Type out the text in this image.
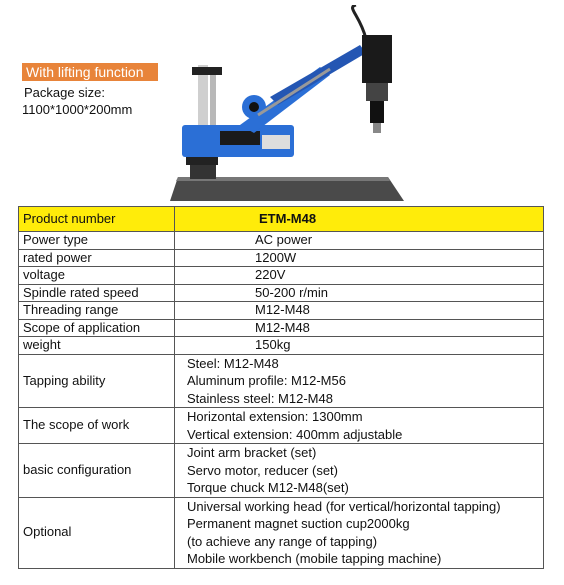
With lifting function
Package size:
1100*1000*200mm
Product number	ETM-M48
Power type	AC power
rated power	1200W
voltage	220V
Spindle rated speed	50-200 r/min
Threading range	M12-M48
Scope of application	M12-M48
weight	150kg
Tapping ability	Steel: M12-M48
Aluminum profile: M12-M56
Stainless steel: M12-M48

The scope of work	Horizontal extension: 1300mm
Vertical extension: 400mm adjustable

basic configuration	Joint arm bracket (set)
Servo motor, reducer (set)
Torque chuck M12-M48(set)

Optional	Universal working head (for vertical/horizontal tapping)
Permanent magnet suction cup2000kg
(to achieve any range of tapping)
Mobile workbench (mobile tapping machine)
